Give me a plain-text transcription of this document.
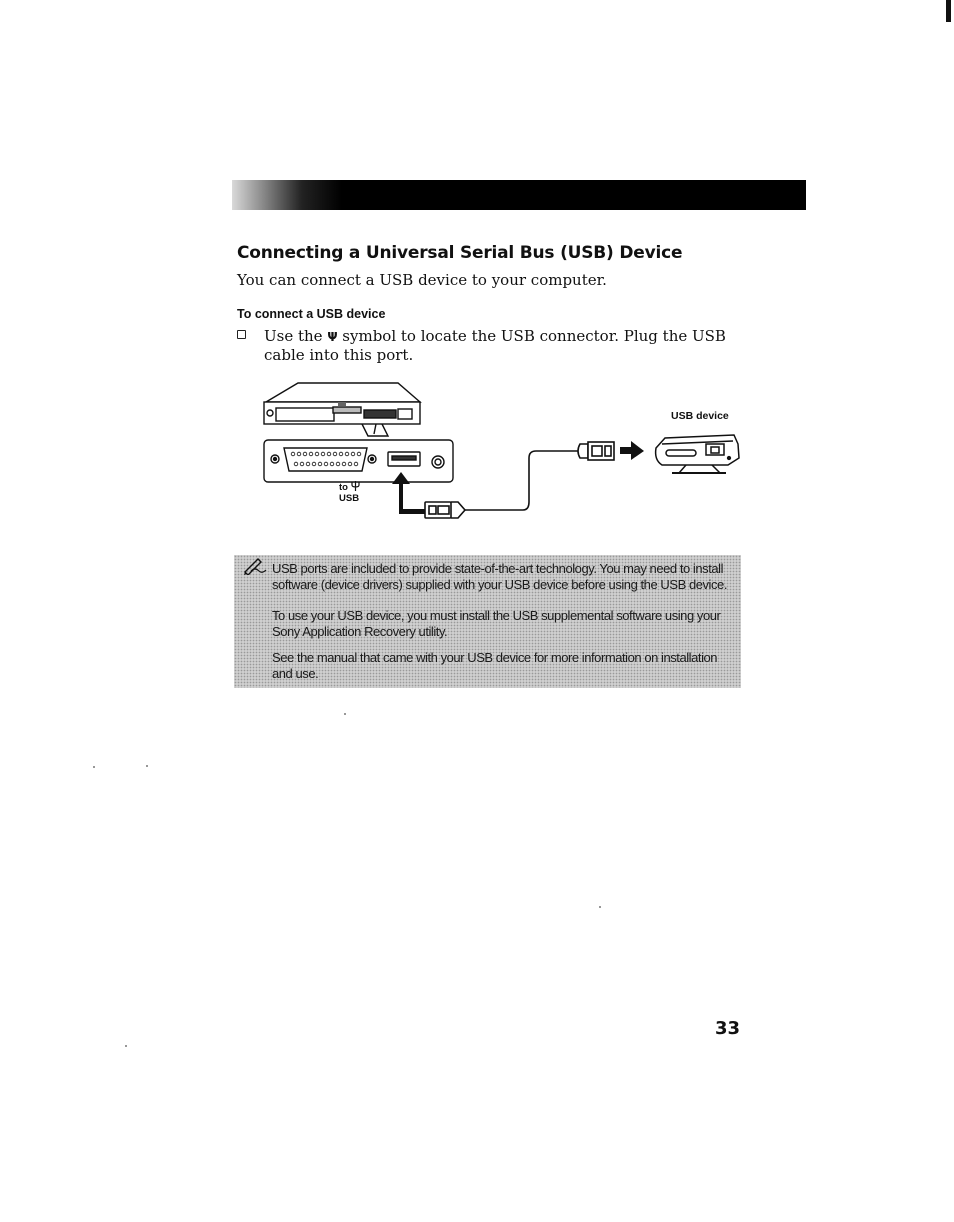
Connecting a Universal Serial Bus (USB) Device
You can connect a USB device to your computer.
To connect a USB device
Use the Ψ symbol to locate the USB connector. Plug the USB cable into this port.
USB device
to
USB
USB ports are included to provide state-of-the-art technology. You may need to install software (device drivers) supplied with your USB device before using the USB device.
To use your USB device, you must install the USB supplemental software using your Sony Application Recovery utility.
See the manual that came with your USB device for more information on installation and use.
33
